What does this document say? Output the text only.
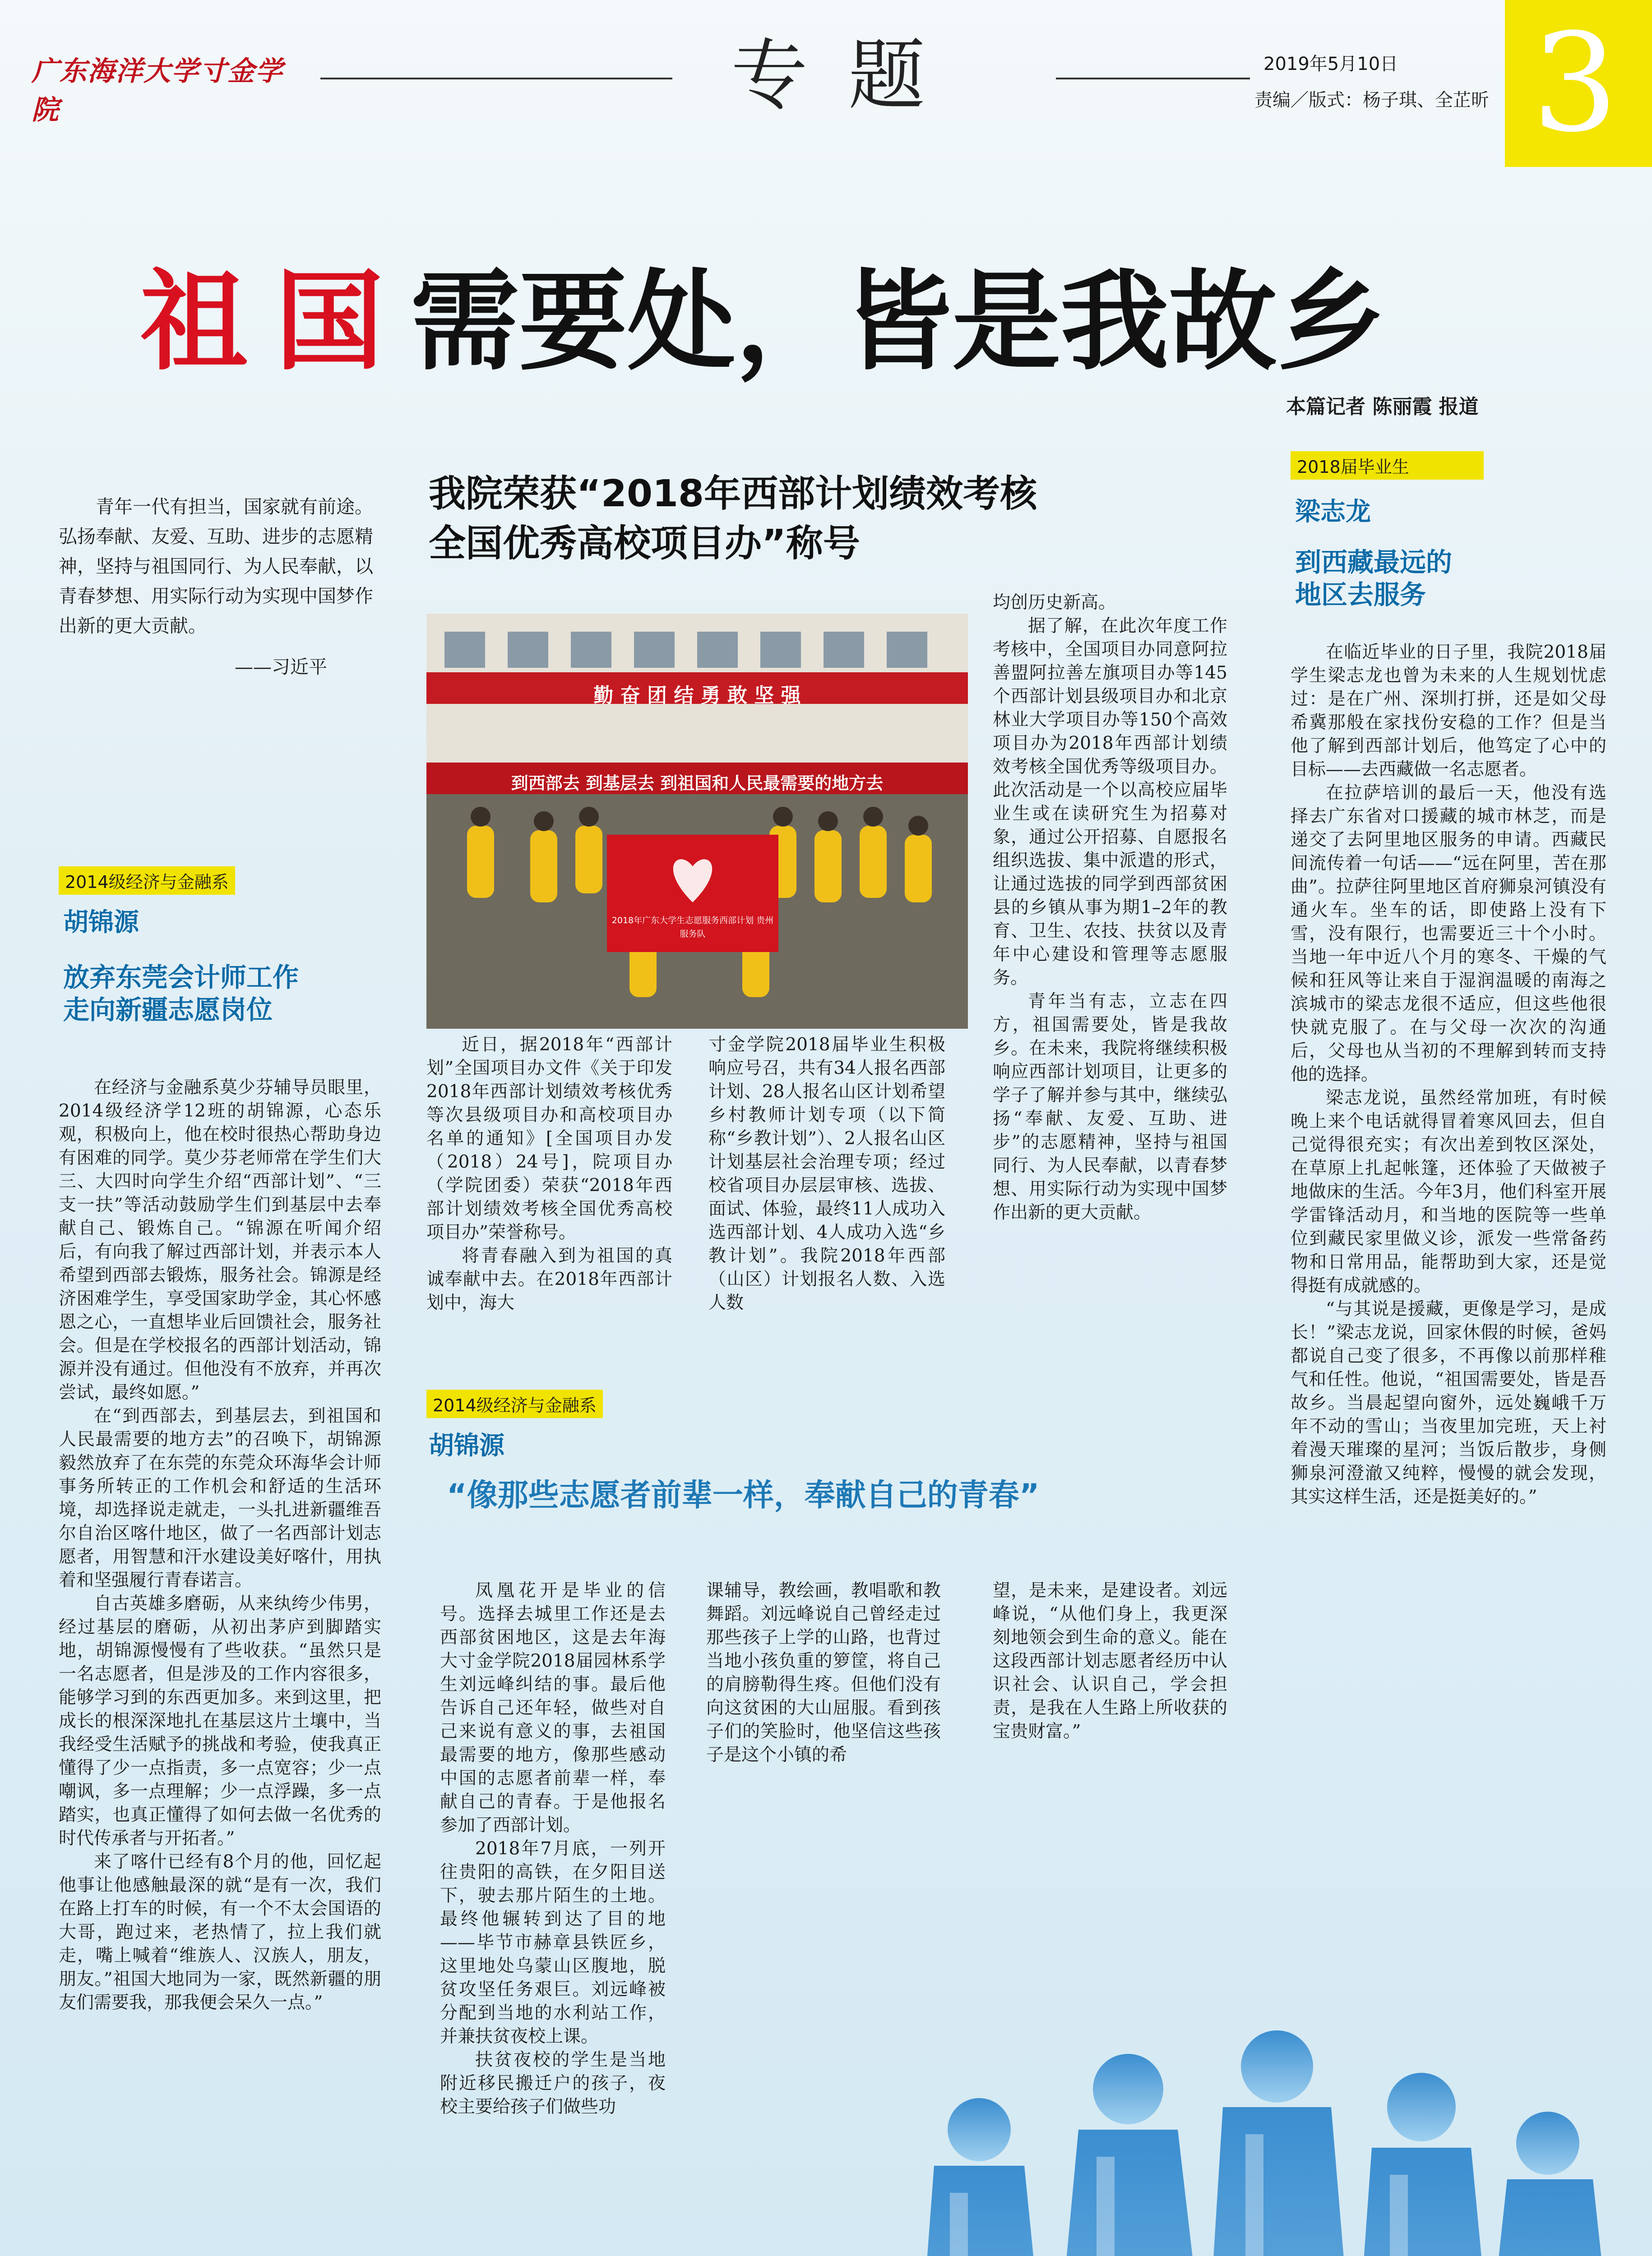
广东海洋大学寸金学院	专题	2019年5月10日
责编／版式：杨子琪、全芷昕 3
祖国需要处，皆是我故乡
本篇记者 陈丽霞 报道
青年一代有担当，国家就有前途。弘扬奉献、友爱、互助、进步的志愿精神，坚持与祖国同行、为人民奉献，以青春梦想、用实际行动为实现中国梦作出新的更大贡献。
——习近平
2014级经济与金融系
胡锦源
放弃东莞会计师工作
走向新疆志愿岗位

在经济与金融系莫少芬辅导员眼里，2014级经济学12班的胡锦源，心态乐观，积极向上，他在校时很热心帮助身边有困难的同学。莫少芬老师常在学生们大三、大四时向学生介绍“西部计划”、“三支一扶”等活动鼓励学生们到基层中去奉献自己、锻炼自己。“锦源在听闻介绍后，有向我了解过西部计划，并表示本人希望到西部去锻炼，服务社会。锦源是经济困难学生，享受国家助学金，其心怀感恩之心，一直想毕业后回馈社会，服务社会。但是在学校报名的西部计划活动，锦源并没有通过。但他没有不放弃，并再次尝试，最终如愿。”

在“到西部去，到基层去，到祖国和人民最需要的地方去”的召唤下，胡锦源毅然放弃了在东莞的东莞众环海华会计师事务所转正的工作机会和舒适的生活环境，却选择说走就走，一头扎进新疆维吾尔自治区喀什地区，做了一名西部计划志愿者，用智慧和汗水建设美好喀什，用执着和坚强履行青春诺言。

自古英雄多磨砺，从来纨绔少伟男，经过基层的磨砺，从初出茅庐到脚踏实地，胡锦源慢慢有了些收获。“虽然只是一名志愿者，但是涉及的工作内容很多，能够学习到的东西更加多。来到这里，把成长的根深深地扎在基层这片土壤中，当我经受生活赋予的挑战和考验，使我真正懂得了少一点指责，多一点宽容；少一点嘲讽，多一点理解；少一点浮躁，多一点踏实，也真正懂得了如何去做一名优秀的时代传承者与开拓者。”

来了喀什已经有8个月的他，回忆起他事让他感触最深的就“是有一次，我们在路上打车的时候，有一个不太会国语的大哥，跑过来，老热情了，拉上我们就走，嘴上喊着“维族人、汉族人，朋友，朋友。”祖国大地同为一家，既然新疆的朋友们需要我，那我便会呆久一点。”

我院荣获“2018年西部计划绩效考核
全国优秀高校项目办”称号
勤 奋 团 结 勇 敢 坚 强
到西部去 到基层去 到祖国和人民最需要的地方去
2018年广东大学生志愿服务西部计划 贵州服务队

近日，据2018年“西部计划”全国项目办文件《关于印发2018年西部计划绩效考核优秀等次县级项目办和高校项目办名单的通知》[全国项目办发（2018）24号]，院项目办（学院团委）荣获“2018年西部计划绩效考核全国优秀高校项目办”荣誉称号。

将青春融入到为祖国的真诚奉献中去。在2018年西部计划中，海大

寸金学院2018届毕业生积极响应号召，共有34人报名西部计划、28人报名山区计划希望乡村教师计划专项（以下简称“乡教计划”）、2人报名山区计划基层社会治理专项；经过校省项目办层层审核、选拔、面试、体验，最终11人成功入选西部计划、4人成功入选“乡教计划”。我院2018年西部（山区）计划报名人数、入选人数

均创历史新高。

据了解，在此次年度工作考核中，全国项目办同意阿拉善盟阿拉善左旗项目办等145个西部计划县级项目办和北京林业大学项目办等150个高效项目办为2018年西部计划绩效考核全国优秀等级项目办。此次活动是一个以高校应届毕业生或在读研究生为招募对象，通过公开招募、自愿报名组织选拔、集中派遣的形式，让通过选拔的同学到西部贫困县的乡镇从事为期1–2年的教育、卫生、农技、扶贫以及青年中心建设和管理等志愿服务。

青年当有志，立志在四方，祖国需要处，皆是我故乡。在未来，我院将继续积极响应西部计划项目，让更多的学子了解并参与其中，继续弘扬“奉献、友爱、互助、进步”的志愿精神，坚持与祖国同行、为人民奉献，以青春梦想、用实际行动为实现中国梦作出新的更大贡献。

2014级经济与金融系
胡锦源
“像那些志愿者前辈一样，奉献自己的青春”

凤凰花开是毕业的信号。选择去城里工作还是去西部贫困地区，这是去年海大寸金学院2018届园林系学生刘远峰纠结的事。最后他告诉自己还年轻，做些对自己来说有意义的事，去祖国最需要的地方，像那些感动中国的志愿者前辈一样，奉献自己的青春。于是他报名参加了西部计划。

2018年7月底，一列开往贵阳的高铁，在夕阳目送下，驶去那片陌生的土地。最终他辗转到达了目的地——毕节市赫章县铁匠乡，这里地处乌蒙山区腹地，脱贫攻坚任务艰巨。刘远峰被分配到当地的水利站工作，并兼扶贫夜校上课。

扶贫夜校的学生是当地附近移民搬迁户的孩子，夜校主要给孩子们做些功

课辅导，教绘画，教唱歌和教舞蹈。刘远峰说自己曾经走过那些孩子上学的山路，也背过当地小孩负重的箩筐，将自己的肩膀勒得生疼。但他们没有向这贫困的大山屈服。看到孩子们的笑脸时，他坚信这些孩子是这个小镇的希

望，是未来，是建设者。刘远峰说，“从他们身上，我更深刻地领会到生命的意义。能在这段西部计划志愿者经历中认识社会、认识自己，学会担责，是我在人生路上所收获的宝贵财富。”

2018届毕业生
梁志龙
到西藏最远的
地区去服务

在临近毕业的日子里，我院2018届学生梁志龙也曾为未来的人生规划忧虑过：是在广州、深圳打拼，还是如父母希冀那般在家找份安稳的工作？但是当他了解到西部计划后，他笃定了心中的目标——去西藏做一名志愿者。

在拉萨培训的最后一天，他没有选择去广东省对口援藏的城市林芝，而是递交了去阿里地区服务的申请。西藏民间流传着一句话——“远在阿里，苦在那曲”。拉萨往阿里地区首府狮泉河镇没有通火车。坐车的话，即使路上没有下雪，没有限行，也需要近三十个小时。当地一年中近八个月的寒冬、干燥的气候和狂风等让来自于湿润温暖的南海之滨城市的梁志龙很不适应，但这些他很快就克服了。在与父母一次次的沟通后，父母也从当初的不理解到转而支持他的选择。

梁志龙说，虽然经常加班，有时候晚上来个电话就得冒着寒风回去，但自己觉得很充实；有次出差到牧区深处，在草原上扎起帐篷，还体验了天做被子地做床的生活。今年3月，他们科室开展学雷锋活动月，和当地的医院等一些单位到藏民家里做义诊，派发一些常备药物和日常用品，能帮助到大家，还是觉得挺有成就感的。

“与其说是援藏，更像是学习，是成长！”梁志龙说，回家休假的时候，爸妈都说自己变了很多，不再像以前那样稚气和任性。他说，“祖国需要处，皆是吾故乡。当晨起望向窗外，远处巍峨千万年不动的雪山；当夜里加完班，天上衬着漫天璀璨的星河；当饭后散步，身侧狮泉河澄澈又纯粹，慢慢的就会发现，其实这样生活，还是挺美好的。”
